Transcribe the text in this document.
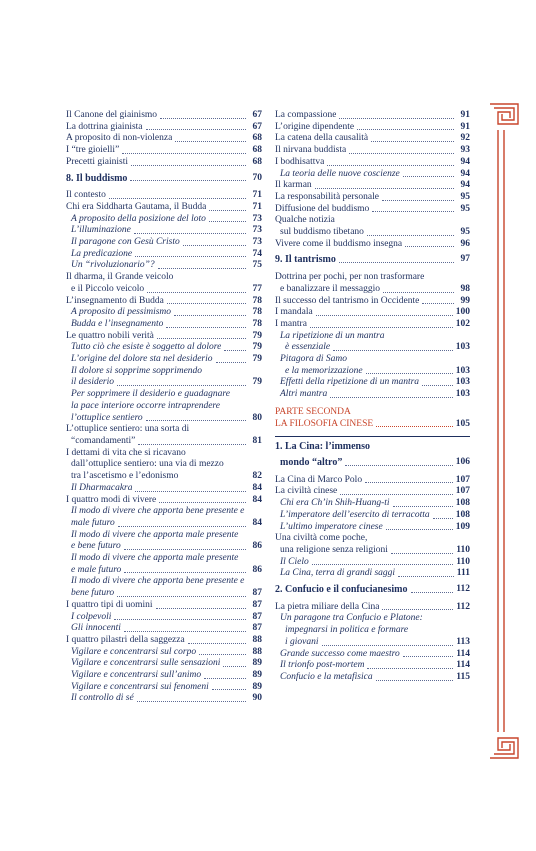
Il Canone del giainismo	67
La dottrina giainista	67
A proposito di non-violenza	68
I “tre gioielli”	68
Precetti giainisti	68
8. Il buddismo	70
Il contesto	71
Chi era Siddharta Gautama, il Budda	71
A proposito della posizione del loto	73
L’illuminazione	73
Il paragone con Gesù Cristo	73
La predicazione	74
Un “rivoluzionario”?	75
Il dharma, il Grande veicolo
e il Piccolo veicolo	77
L’insegnamento di Budda	78
A proposito di pessimismo	78
Budda e l’insegnamento	78
Le quattro nobili verità	79
Tutto ciò che esiste è soggetto al dolore	79
L’origine del dolore sta nel desiderio	79
Il dolore si sopprime sopprimendo
il desiderio	79
Per sopprimere il desiderio e guadagnare
la pace interiore occorre intraprendere
l’ottuplice sentiero	80
L’ottuplice sentiero: una sorta di
“comandamenti”	81
I dettami di vita che si ricavano
dall’ottuplice sentiero: una via di mezzo
tra l’ascetismo e l’edonismo	82
Il Dharmacakra	84
I quattro modi di vivere	84
Il modo di vivere che apporta bene presente e
male futuro	84
Il modo di vivere che apporta male presente
e bene futuro	86
Il modo di vivere che apporta male presente
e male futuro	86
Il modo di vivere che apporta bene presente e
bene futuro	87
I quattro tipi di uomini	87
I colpevoli	87
Gli innocenti	87
I quattro pilastri della saggezza	88
Vigilare e concentrarsi sul corpo	88
Vigilare e concentrarsi sulle sensazioni	89
Vigilare e concentrarsi sull’animo	89
Vigilare e concentrarsi sui fenomeni	89
Il controllo di sé	90
La compassione	91
L’origine dipendente	91
La catena della causalità	92
Il nirvana buddista	93
I bodhisattva	94
La teoria delle nuove coscienze	94
Il karman	94
La responsabilità personale	95
Diffusione del buddismo	95
Qualche notizia
sul buddismo tibetano	95
Vivere come il buddismo insegna	96
9. Il tantrismo	97
Dottrina per pochi, per non trasformare
e banalizzare il messaggio	98
Il successo del tantrismo in Occidente	99
I mandala	100
I mantra	102
La ripetizione di un mantra
è essenziale	103
Pitagora di Samo
e la memorizzazione	103
Effetti della ripetizione di un mantra	103
Altri mantra	103
PARTE SECONDA
LA FILOSOFIA CINESE	105
1. La Cina: l’immenso
mondo “altro”	106
La Cina di Marco Polo	107
La civiltà cinese	107
Chi era Ch’in Shih-Huang-ti	108
L’imperatore dell’esercito di terracotta	108
L’ultimo imperatore cinese	109
Una civiltà come poche,
una religione senza religioni	110
Il Cielo	110
La Cina, terra di grandi saggi	111
2. Confucio e il confucianesimo	112
La pietra miliare della Cina	112
Un paragone tra Confucio e Platone:
impegnarsi in politica e formare
i giovani	113
Grande successo come maestro	114
Il trionfo post-mortem	114
Confucio e la metafisica	115
